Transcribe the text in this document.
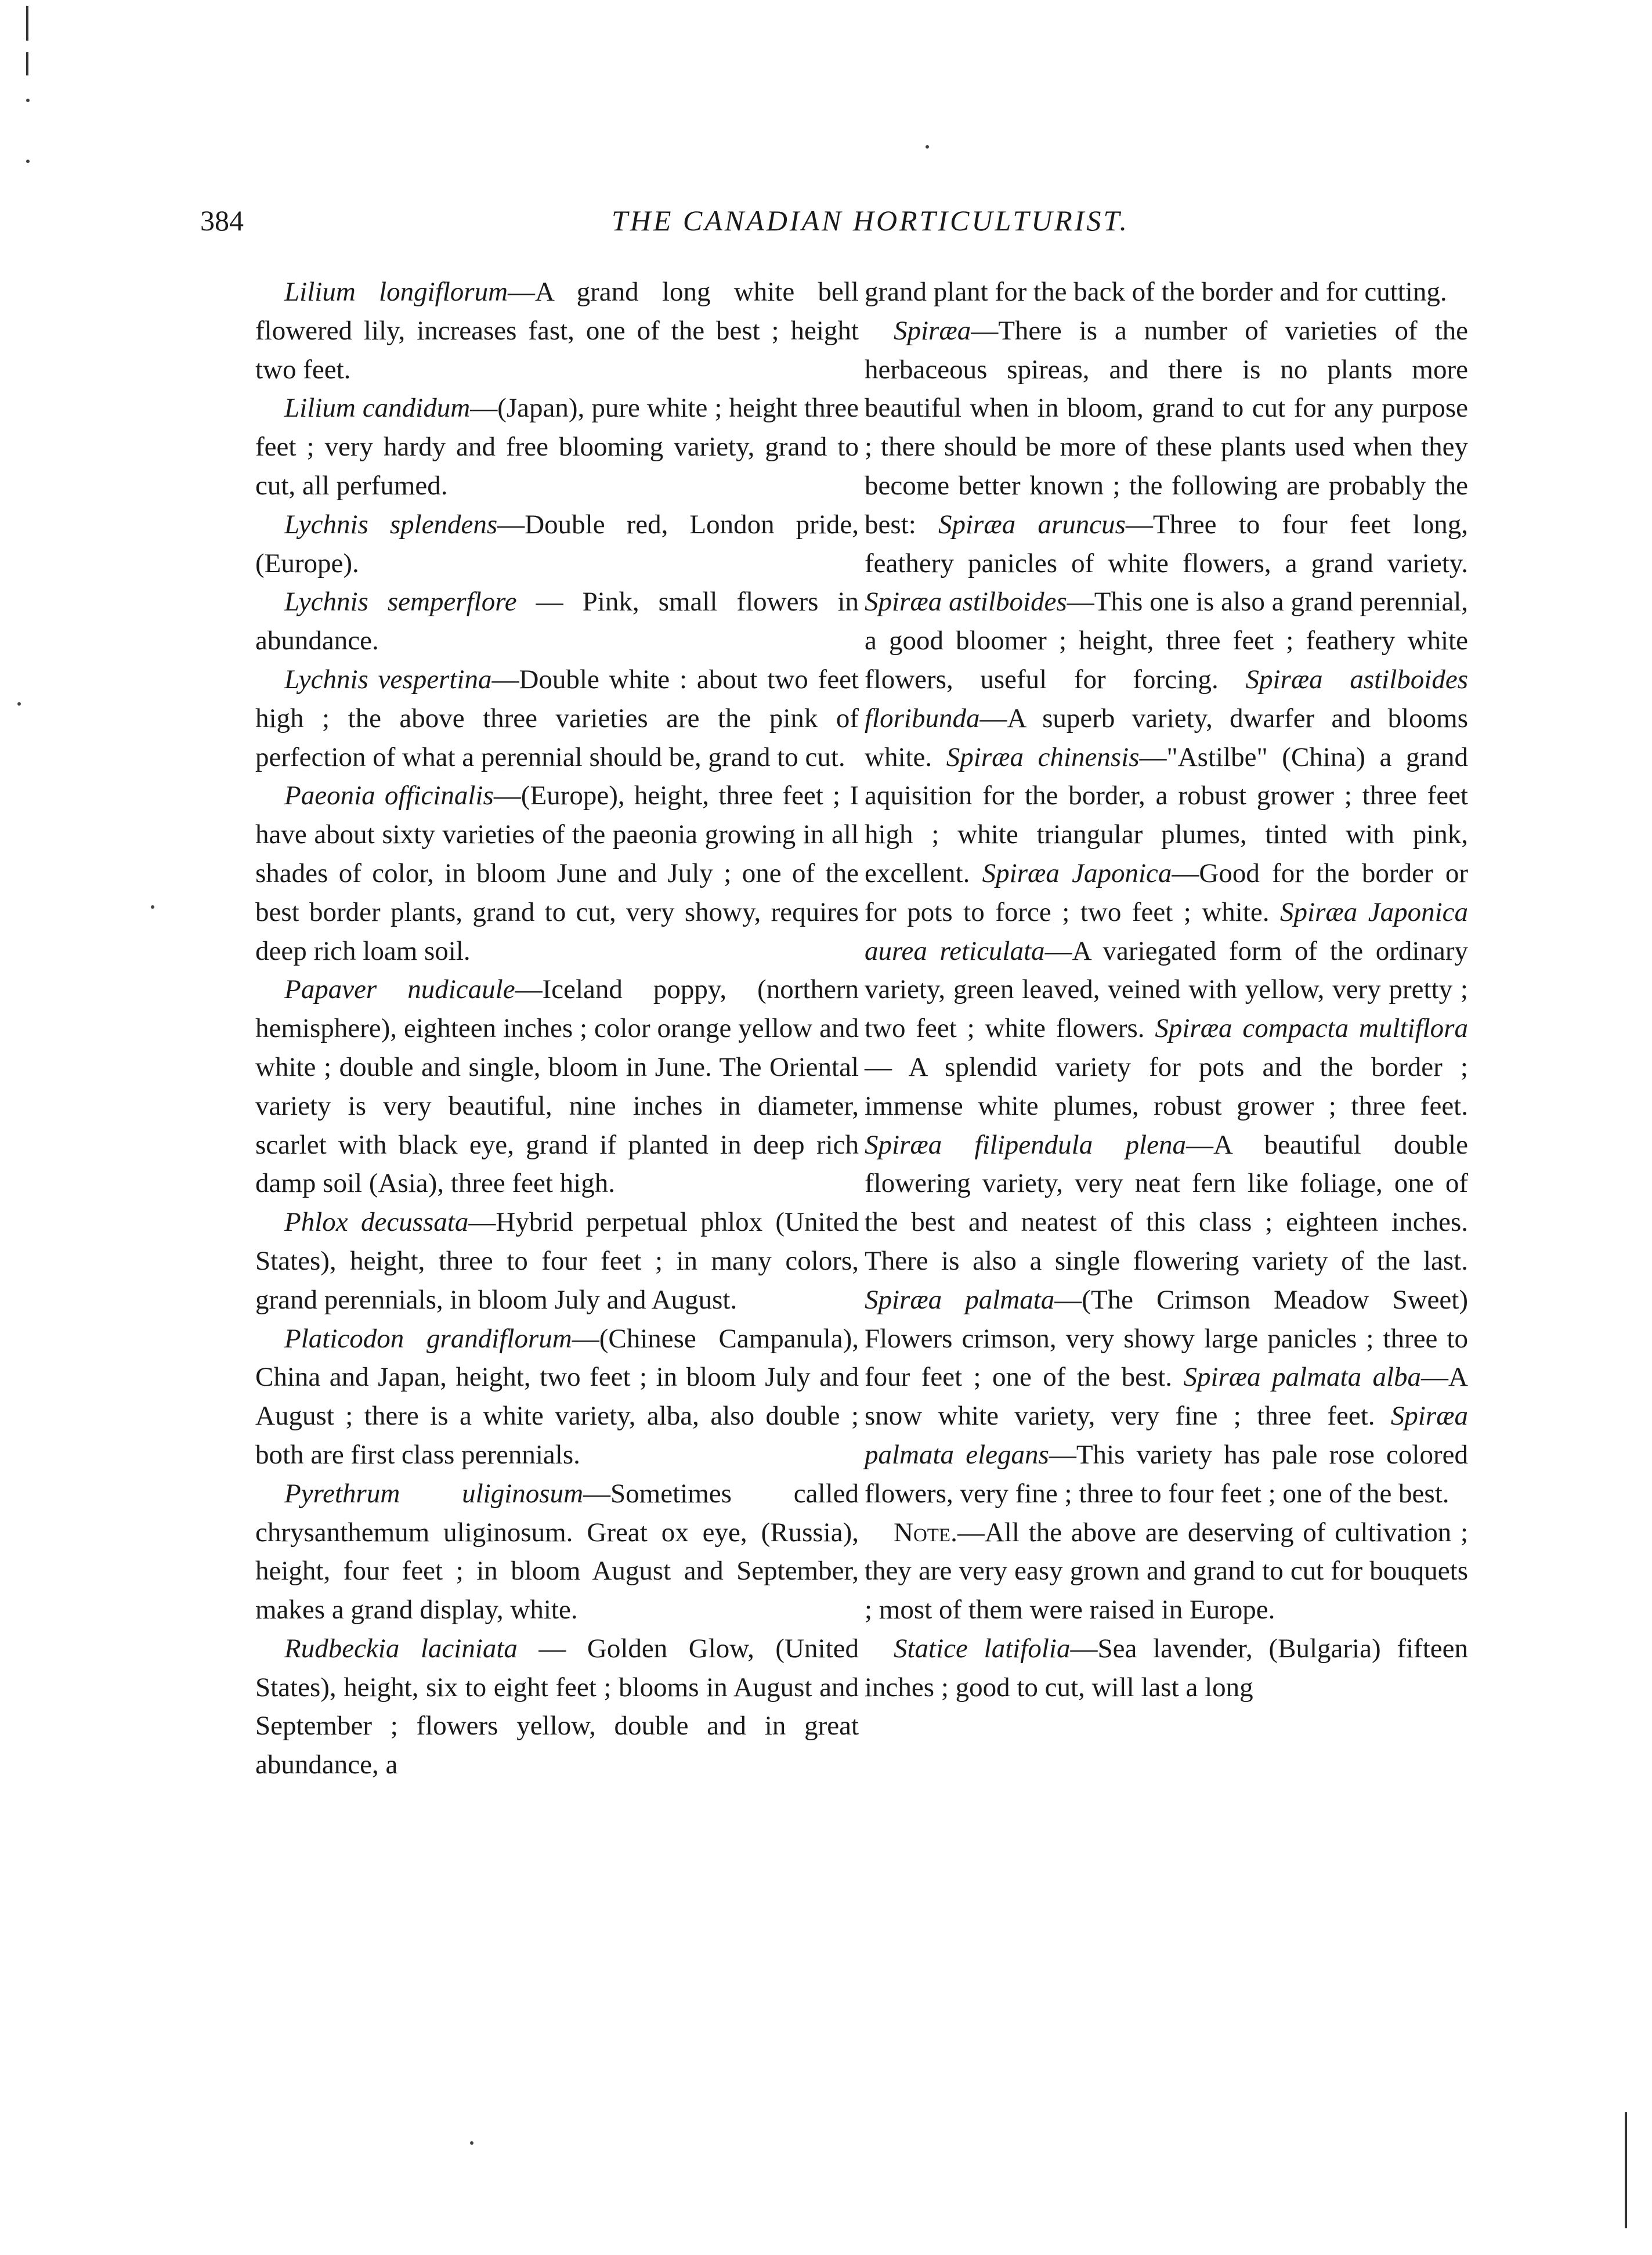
384	THE CANADIAN HORTICULTURIST.

Lilium longiflorum—A grand long white bell flowered lily, increases fast, one of the best ; height two feet.

Lilium candidum—(Japan), pure white ; height three feet ; very hardy and free blooming variety, grand to cut, all perfumed.

Lychnis splendens—Double red, London pride, (Europe).

Lychnis semperflore — Pink, small flowers in abundance.

Lychnis vespertina—Double white : about two feet high ; the above three varieties are the pink of perfection of what a perennial should be, grand to cut.

Paeonia officinalis—(Europe), height, three feet ; I have about sixty varieties of the paeonia growing in all shades of color, in bloom June and July ; one of the best border plants, grand to cut, very showy, requires deep rich loam soil.

Papaver nudicaule—Iceland poppy, (northern hemisphere), eighteen inches ; color orange yellow and white ; double and single, bloom in June. The Oriental variety is very beautiful, nine inches in diameter, scarlet with black eye, grand if planted in deep rich damp soil (Asia), three feet high.

Phlox decussata—Hybrid perpetual phlox (United States), height, three to four feet ; in many colors, grand perennials, in bloom July and August.

Platicodon grandiflorum—(Chinese Campanula), China and Japan, height, two feet ; in bloom July and August ; there is a white variety, alba, also double ; both are first class perennials.

Pyrethrum uliginosum—Sometimes called chrysanthemum uliginosum. Great ox eye, (Russia), height, four feet ; in bloom August and September, makes a grand display, white.

Rudbeckia laciniata — Golden Glow, (United States), height, six to eight feet ; blooms in August and September ; flowers yellow, double and in great abundance, a

grand plant for the back of the border and for cutting.

Spiræa—There is a number of varieties of the herbaceous spireas, and there is no plants more beautiful when in bloom, grand to cut for any purpose ; there should be more of these plants used when they become better known ; the following are probably the best: Spiræa aruncus—Three to four feet long, feathery panicles of white flowers, a grand variety. Spiræa astilboides—This one is also a grand perennial, a good bloomer ; height, three feet ; feathery white flowers, useful for forcing. Spiræa astilboides floribunda—A superb variety, dwarfer and blooms white. Spiræa chinensis—"Astilbe" (China) a grand aquisition for the border, a robust grower ; three feet high ; white triangular plumes, tinted with pink, excellent. Spiræa Japonica—Good for the border or for pots to force ; two feet ; white. Spiræa Japonica aurea reticulata—A variegated form of the ordinary variety, green leaved, veined with yellow, very pretty ; two feet ; white flowers. Spiræa compacta multiflora — A splendid variety for pots and the border ; immense white plumes, robust grower ; three feet. Spiræa filipendula plena—A beautiful double flowering variety, very neat fern like foliage, one of the best and neatest of this class ; eighteen inches. There is also a single flowering variety of the last. Spiræa palmata—(The Crimson Meadow Sweet) Flowers crimson, very showy large panicles ; three to four feet ; one of the best. Spiræa palmata alba—A snow white variety, very fine ; three feet. Spiræa palmata elegans—This variety has pale rose colored flowers, very fine ; three to four feet ; one of the best.

Note.—All the above are deserving of cultivation ; they are very easy grown and grand to cut for bouquets ; most of them were raised in Europe.

Statice latifolia—Sea lavender, (Bulgaria) fifteen inches ; good to cut, will last a long
